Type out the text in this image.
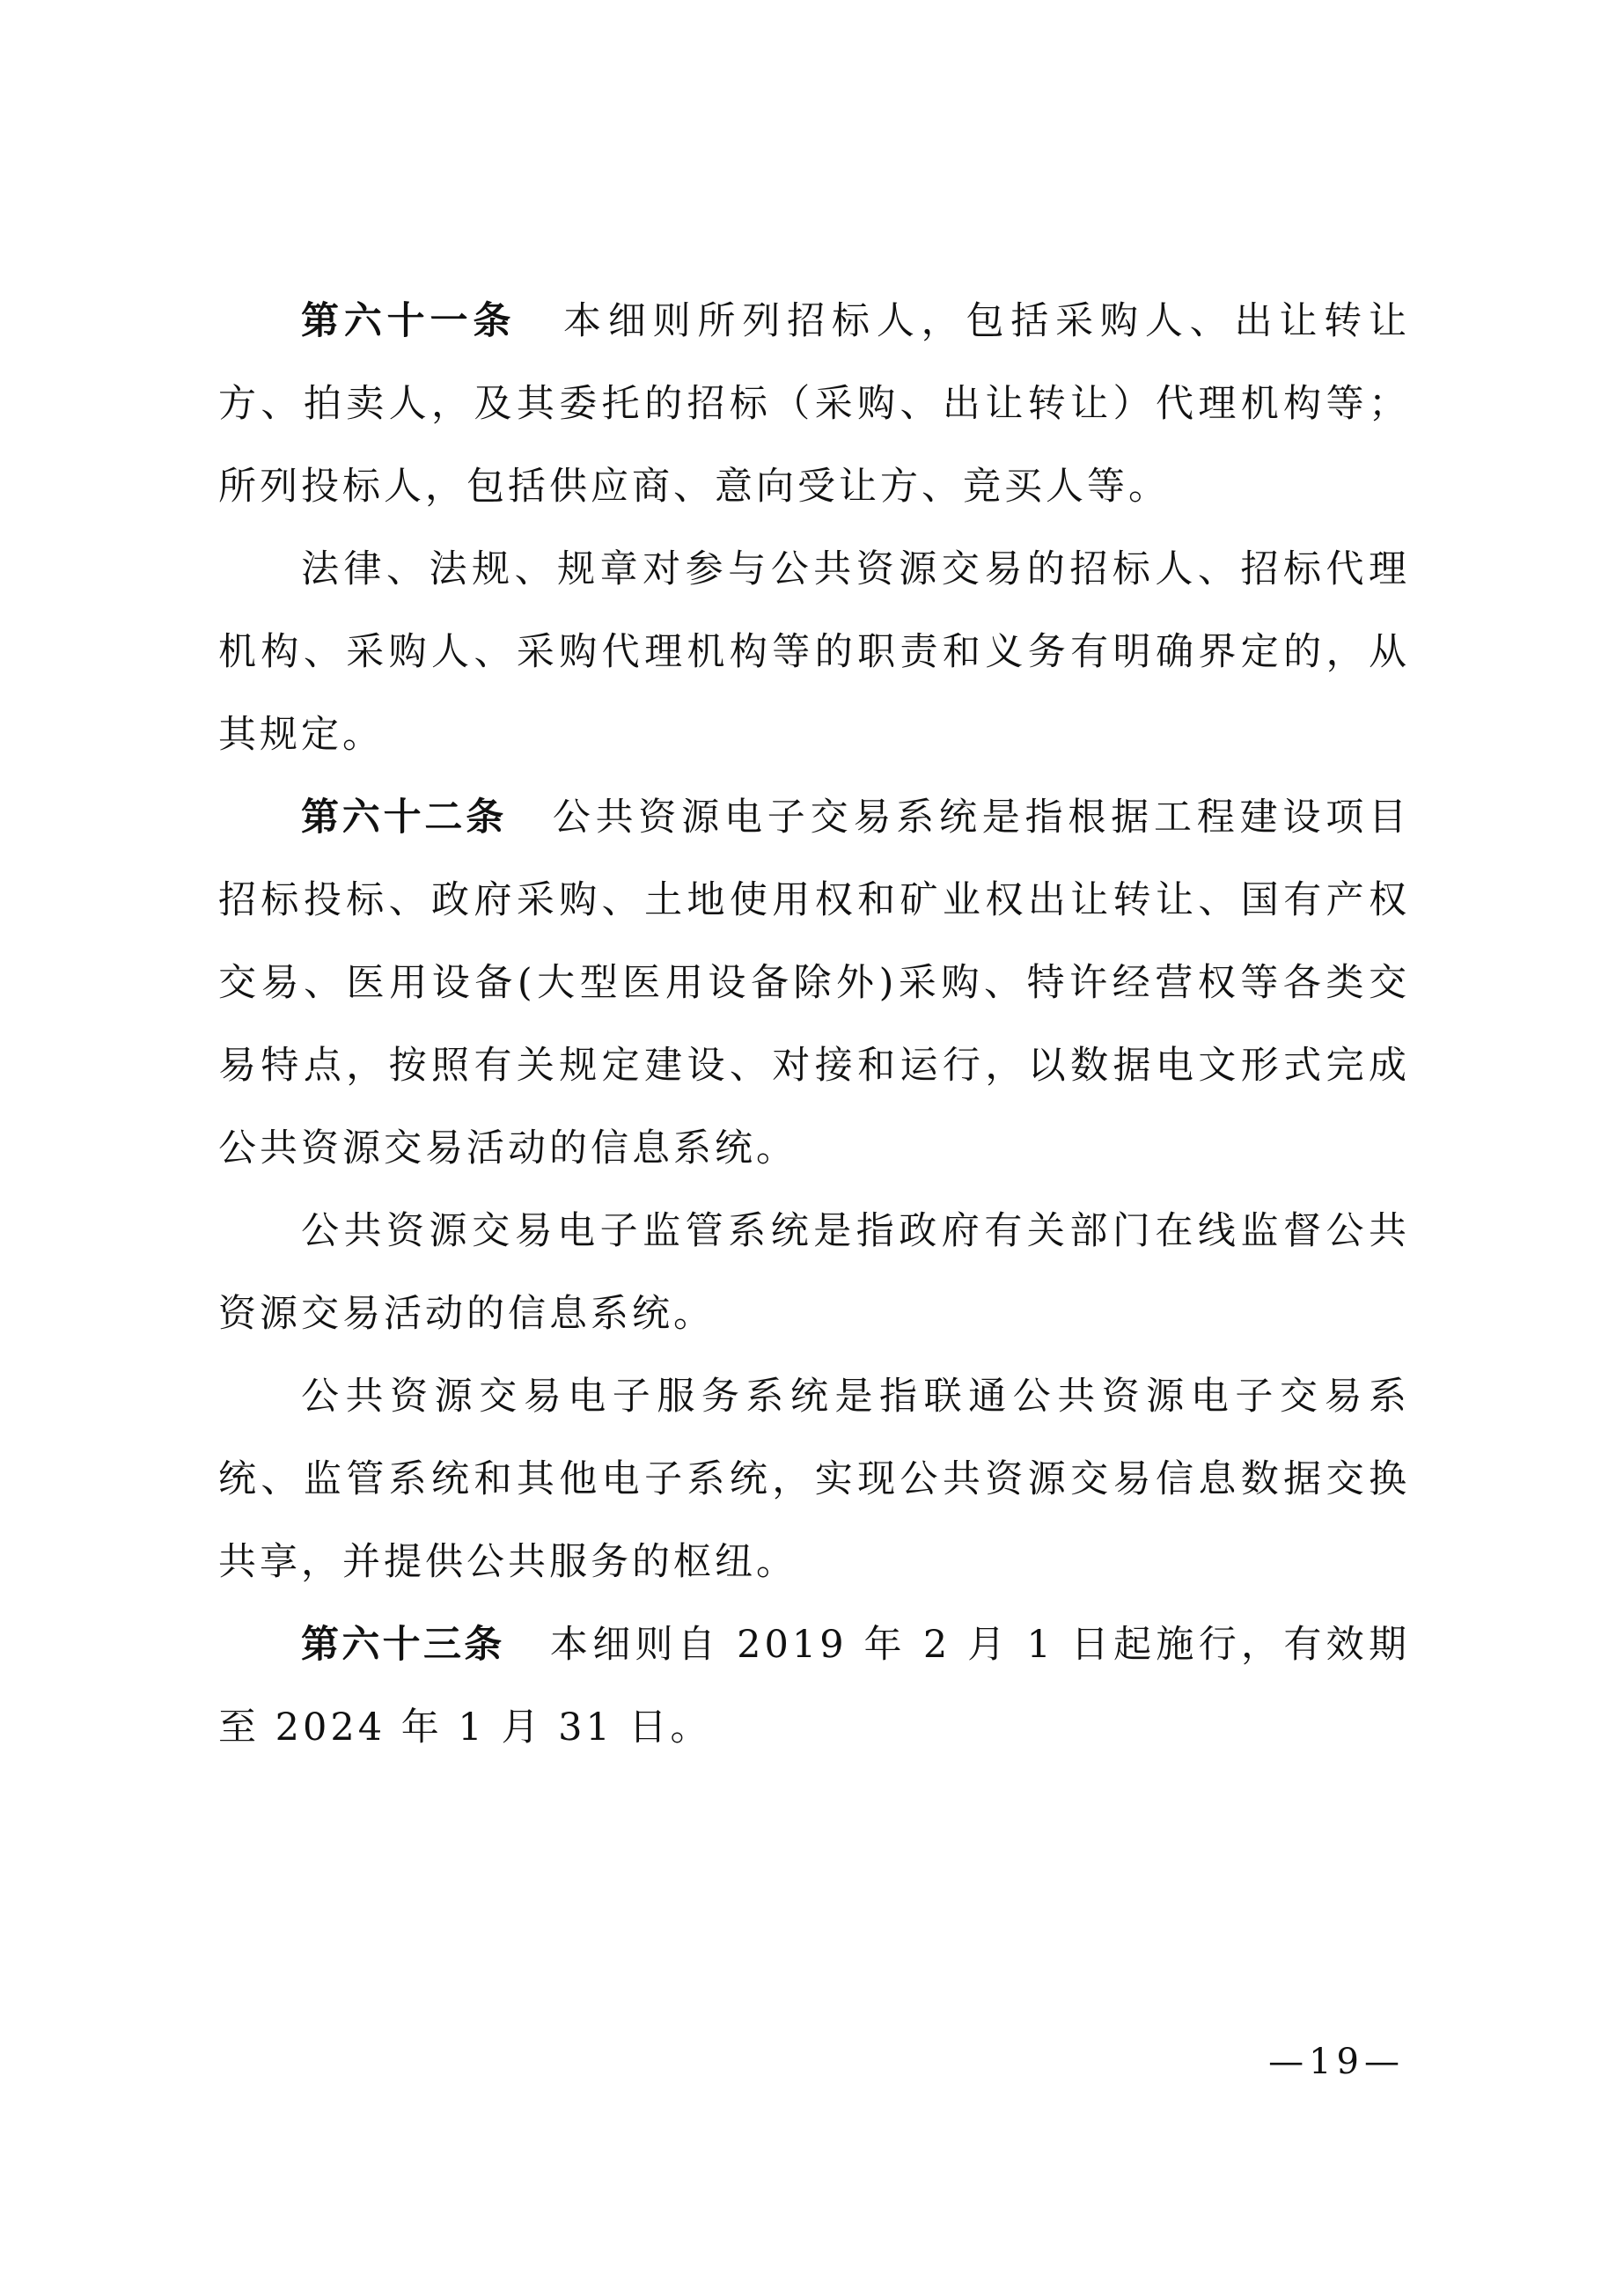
第六十一条 本细则所列招标人，包括采购人、出让转让方、拍卖人，及其委托的招标（采购、出让转让）代理机构等；所列投标人，包括供应商、意向受让方、竞买人等。

法律、法规、规章对参与公共资源交易的招标人、招标代理机构、采购人、采购代理机构等的职责和义务有明确界定的，从其规定。

第六十二条 公共资源电子交易系统是指根据工程建设项目招标投标、政府采购、土地使用权和矿业权出让转让、国有产权交易、医用设备(大型医用设备除外)采购、特许经营权等各类交易特点，按照有关规定建设、对接和运行，以数据电文形式完成公共资源交易活动的信息系统。

公共资源交易电子监管系统是指政府有关部门在线监督公共资源交易活动的信息系统。

公共资源交易电子服务系统是指联通公共资源电子交易系统、监管系统和其他电子系统，实现公共资源交易信息数据交换共享，并提供公共服务的枢纽。

第六十三条 本细则自 2019 年 2 月 1 日起施行，有效期至 2024 年 1 月 31 日。

—19—
